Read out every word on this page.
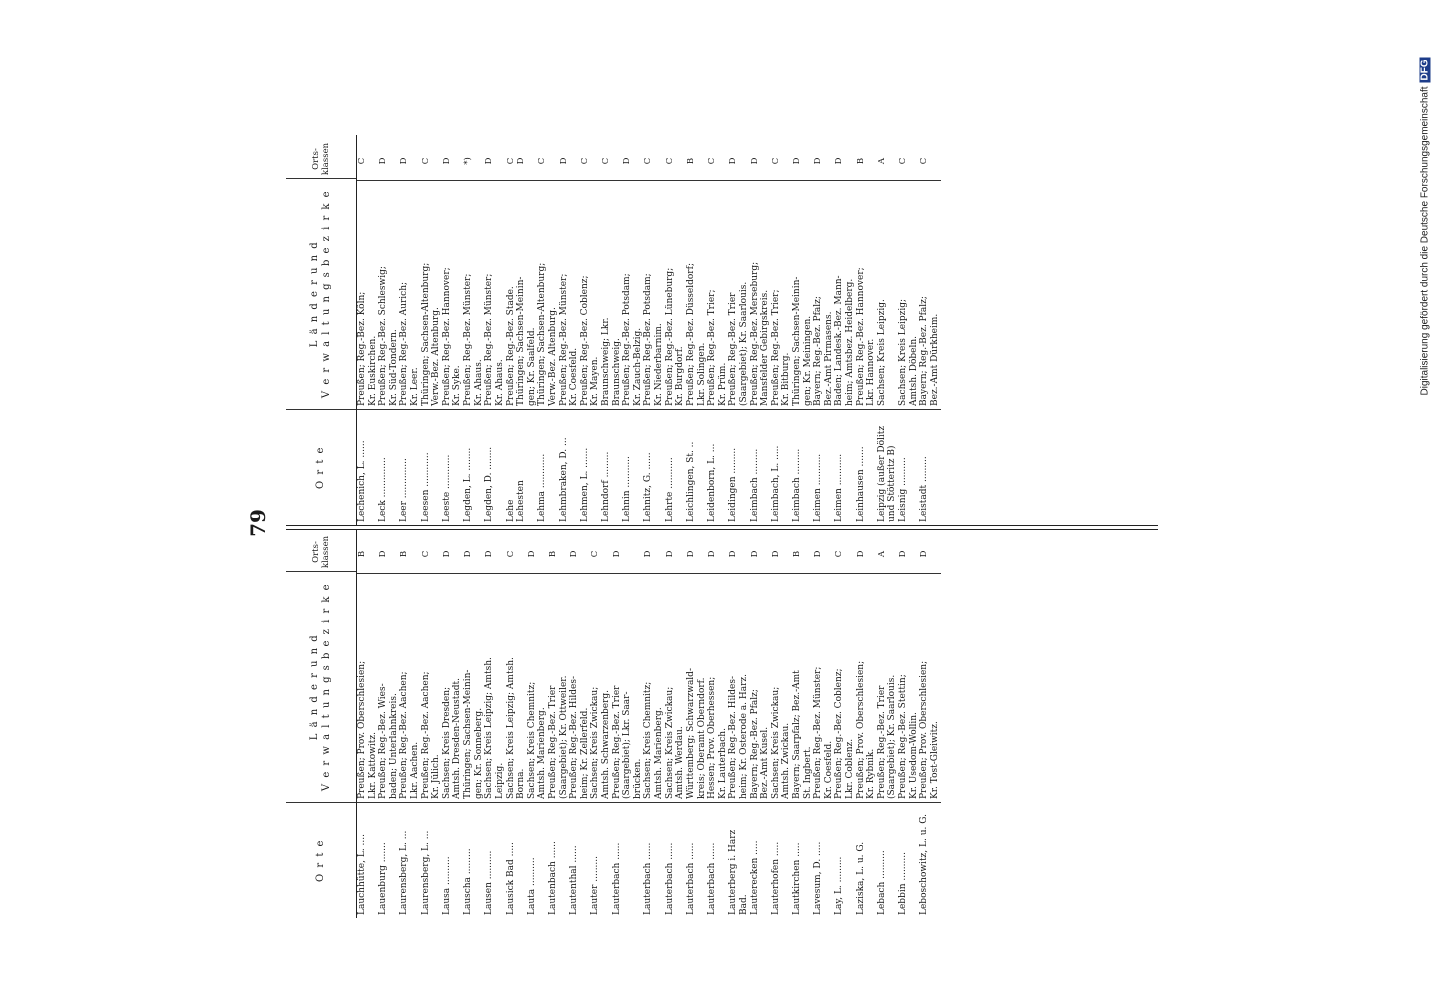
79
O r t e
L ä n d e r u n d
V e r w a l t u n g s b e z i r k e
Orts-
klassen
Lauchhütte, L. ....
Preußen; Prov. Oberschlesien;
Lkr. Kattowitz.
B
Lauenburg .......
Preußen; Reg.-Bez. Wies-
baden; Unterlahnkreis.
D
Laurensberg, L. ...
Preußen; Reg.-Bez. Aachen;
Lkr. Aachen.
B
Laurensberg, L. ...
Preußen; Reg.-Bez. Aachen;
Kr. Jülich.
C
Lausa ..........
Sachsen; Kreis Dresden;
Amtsh. Dresden-Neustadt.
D
Lauscha .........
Thüringen; Sachsen-Meinin-
gen; Kr. Sonneberg.
D
Lausen ..........
Sachsen; Kreis Leipzig; Amtsh.
Leipzig.
D
Lausick Bad .....
Sachsen; Kreis Leipzig; Amtsh.
Borna.
C
Lauta ..........
Sachsen; Kreis Chemnitz;
Amtsh. Marienberg.
D
Lautenbach ......
Preußen; Reg.-Bez. Trier
(Saargebiet); Kr. Ottweiler.
B
Lautenthal ......
Preußen; Reg.-Bez. Hildes-
heim; Kr. Zellerfeld.
D
Lauter .........
Sachsen; Kreis Zwickau;
Amtsh. Schwarzenberg.
C
Lauterbach ......
Preußen; Reg.-Bez. Trier
(Saargebiet); Lkr. Saar-
brücken.
D
Lauterbach ......
Sachsen; Kreis Chemnitz;
Amtsh. Marienberg.
D
Lauterbach ......
Sachsen; Kreis Zwickau;
Amtsh. Werdau.
D
Lauterbach ......
Württemberg; Schwarzwald-
kreis; Oberamt Oberndorf.
D
Lauterbach ......
Hessen; Prov. Oberhessen;
Kr. Lauterbach.
D
Lauterberg i. Harz
Bad.
Preußen; Reg.-Bez. Hildes-
heim; Kr. Osterode a. Harz.
D
Lauterecken .....
Bayern; Reg.-Bez. Pfalz;
Bez.-Amt Kusel.
D
Lauterhofen .....
Sachsen; Kreis Zwickau;
Amtsh. Zwickau.
D
Lautkirchen .....
Bayern; Saarpfalz; Bez.-Amt
St. Ingbert.
B
Lavesum, D. .....
Preußen; Reg.-Bez. Münster;
Kr. Coesfeld.
D
Lay, L. .........
Preußen; Reg.-Bez. Coblenz;
Lkr. Coblenz.
C
Laziska, L. u. G.
Preußen; Prov. Oberschlesien;
Kr. Rybnik.
D
Lebach ..........
Preußen; Reg.-Bez. Trier
(Saargebiet); Kr. Saarlouis.
A
Lebbin ..........
Preußen; Reg.-Bez. Stettin;
Kr. Usedom-Wollin.
D
Leboschowitz, L. u. G.
Preußen; Prov. Oberschlesien;
Kr. Tost-Gleiwitz.
D
O r t e
L ä n d e r u n d
V e r w a l t u n g s b e z i r k e
Orts-
klassen
Lechenich, L. ......
Preußen; Reg.-Bez. Köln;
Kr. Euskirchen.
C
Leck ..............
Preußen; Reg.-Bez. Schleswig;
Kr. Süd-Tondern.
D
Leer ..............
Preußen; Reg.-Bez. Aurich;
Kr. Leer.
D
Leesen ............
Thüringen; Sachsen-Altenburg;
Verw.-Bez. Altenburg.
C
Leeste ............
Preußen; Reg.-Bez. Hannover;
Kr. Syke.
D
Legden, L. ........
Preußen; Reg.-Bez. Münster;
Kr. Ahaus.
*)
Legden, D. ........
Preußen; Reg.-Bez. Münster;
Kr. Ahaus.
D
Lehe
Lehesten
Preußen; Reg.-Bez. Stade.
Thüringen; Sachsen-Meinin-
gen; Kr. Saalfeld.
C
D
Lehma ............
Thüringen; Sachsen-Altenburg;
Verw.-Bez. Altenburg.
C
Lehmbraken, D. ...
Preußen; Reg.-Bez. Münster;
Kr. Coesfeld.
D
Lehmen, L. .......
Preußen; Reg.-Bez. Coblenz;
Kr. Mayen.
C
Lehndorf .........
Braunschweig; Lkr.
Braunschweig.
C
Lehnin ...........
Preußen; Reg.-Bez. Potsdam;
Kr. Zauch-Belzig.
D
Lehnitz, G. ......
Preußen; Reg.-Bez. Potsdam;
Kr. Niederbarnim.
C
Lehrte ...........
Preußen; Reg.-Bez. Lüneburg;
Kr. Burgdorf.
C
Leichlingen, St. ..
Preußen; Reg.-Bez. Düsseldorf;
Lkr. Solingen.
B
Leidenborn, L. ...
Preußen; Reg.-Bez. Trier;
Kr. Prüm.
C
Leidingen .........
Preußen; Reg.-Bez. Trier
(Saargebiet); Kr. Saarlouis.
D
Leimbach .........
Preußen; Reg.-Bez. Merseburg;
Mansfelder Gebirgskreis.
D
Leimbach, L. .....
Preußen; Reg.-Bez. Trier;
Kr. Bitburg.
C
Leimbach .........
Thüringen; Sachsen-Meinin-
gen; Kr. Meiningen.
D
Leimen ...........
Bayern; Reg.-Bez. Pfalz;
Bez.-Amt Pirmasens.
D
Leimen ...........
Baden; Landesk.-Bez. Mann-
heim; Amtsbez. Heidelberg.
D
Leinhausen .......
Preußen; Reg.-Bez. Hannover;
Lkr. Hannover.
B
Leipzig (außer Dölitz
und Stötteritz B)
Sachsen; Kreis Leipzig.
A
Leisnig ..........
Sachsen; Kreis Leipzig;
Amtsh. Döbeln.
C
Leistadt .........
Bayern; Reg.-Bez. Pfalz;
Bez.-Amt Dürkheim.
C	Digitalisierung gefördert durch die Deutsche ForschungsgemeinschaftDFG
